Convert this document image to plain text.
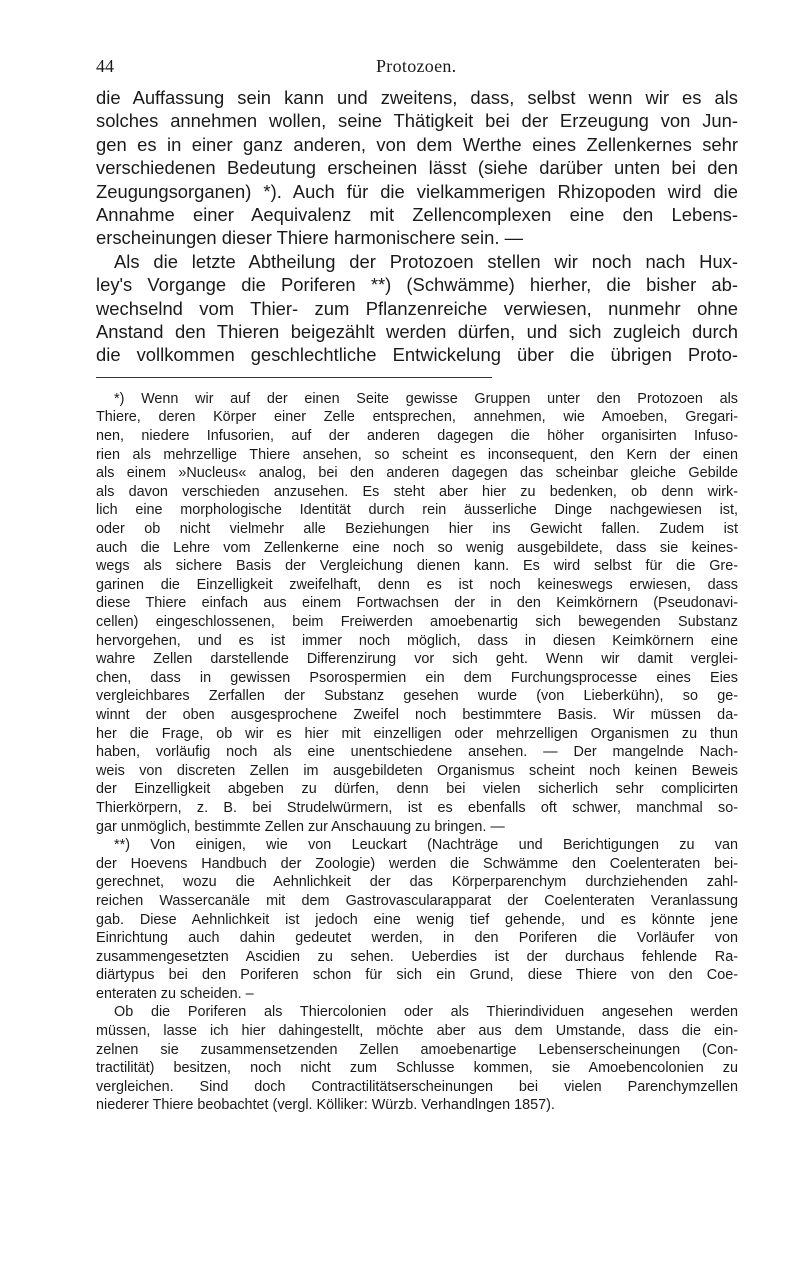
44	Protozoen.
die Auffassung sein kann und zweitens, dass, selbst wenn wir es als
solches annehmen wollen, seine Thätigkeit bei der Erzeugung von Jun-
gen es in einer ganz anderen, von dem Werthe eines Zellenkernes sehr
verschiedenen Bedeutung erscheinen lässt (siehe darüber unten bei den
Zeugungsorganen) *). Auch für die vielkammerigen Rhizopoden wird die
Annahme einer Aequivalenz mit Zellencomplexen eine den Lebens-
erscheinungen dieser Thiere harmonischere sein. —
Als die letzte Abtheilung der Protozoen stellen wir noch nach Hux-
ley's Vorgange die Poriferen **) (Schwämme) hierher, die bisher ab-
wechselnd vom Thier- zum Pflanzenreiche verwiesen, nunmehr ohne
Anstand den Thieren beigezählt werden dürfen, und sich zugleich durch
die vollkommen geschlechtliche Entwickelung über die übrigen Proto-
*) Wenn wir auf der einen Seite gewisse Gruppen unter den Protozoen als
Thiere, deren Körper einer Zelle entsprechen, annehmen, wie Amoeben, Gregari-
nen, niedere Infusorien, auf der anderen dagegen die höher organisirten Infuso-
rien als mehrzellige Thiere ansehen, so scheint es inconsequent, den Kern der einen
als einem »Nucleus« analog, bei den anderen dagegen das scheinbar gleiche Gebilde
als davon verschieden anzusehen. Es steht aber hier zu bedenken, ob denn wirk-
lich eine morphologische Identität durch rein äusserliche Dinge nachgewiesen ist,
oder ob nicht vielmehr alle Beziehungen hier ins Gewicht fallen. Zudem ist
auch die Lehre vom Zellenkerne eine noch so wenig ausgebildete, dass sie keines-
wegs als sichere Basis der Vergleichung dienen kann. Es wird selbst für die Gre-
garinen die Einzelligkeit zweifelhaft, denn es ist noch keineswegs erwiesen, dass
diese Thiere einfach aus einem Fortwachsen der in den Keimkörnern (Pseudonavi-
cellen) eingeschlossenen, beim Freiwerden amoebenartig sich bewegenden Substanz
hervorgehen, und es ist immer noch möglich, dass in diesen Keimkörnern eine
wahre Zellen darstellende Differenzirung vor sich geht. Wenn wir damit verglei-
chen, dass in gewissen Psorospermien ein dem Furchungsprocesse eines Eies
vergleichbares Zerfallen der Substanz gesehen wurde (von Lieberkühn), so ge-
winnt der oben ausgesprochene Zweifel noch bestimmtere Basis. Wir müssen da-
her die Frage, ob wir es hier mit einzelligen oder mehrzelligen Organismen zu thun
haben, vorläufig noch als eine unentschiedene ansehen. — Der mangelnde Nach-
weis von discreten Zellen im ausgebildeten Organismus scheint noch keinen Beweis
der Einzelligkeit abgeben zu dürfen, denn bei vielen sicherlich sehr complicirten
Thierkörpern, z. B. bei Strudelwürmern, ist es ebenfalls oft schwer, manchmal so-
gar unmöglich, bestimmte Zellen zur Anschauung zu bringen. —
**) Von einigen, wie von Leuckart (Nachträge und Berichtigungen zu van
der Hoevens Handbuch der Zoologie) werden die Schwämme den Coelenteraten bei-
gerechnet, wozu die Aehnlichkeit der das Körperparenchym durchziehenden zahl-
reichen Wassercanäle mit dem Gastrovascularapparat der Coelenteraten Veranlassung
gab. Diese Aehnlichkeit ist jedoch eine wenig tief gehende, und es könnte jene
Einrichtung auch dahin gedeutet werden, in den Poriferen die Vorläufer von
zusammengesetzten Ascidien zu sehen. Ueberdies ist der durchaus fehlende Ra-
diärtypus bei den Poriferen schon für sich ein Grund, diese Thiere von den Coe-
enteraten zu scheiden. –
Ob die Poriferen als Thiercolonien oder als Thierindividuen angesehen werden
müssen, lasse ich hier dahingestellt, möchte aber aus dem Umstande, dass die ein-
zelnen sie zusammensetzenden Zellen amoebenartige Lebenserscheinungen (Con-
tractilität) besitzen, noch nicht zum Schlusse kommen, sie Amoebencolonien zu
vergleichen. Sind doch Contractilitätserscheinungen bei vielen Parenchymzellen
niederer Thiere beobachtet (vergl. Kölliker: Würzb. Verhandlngen 1857).
